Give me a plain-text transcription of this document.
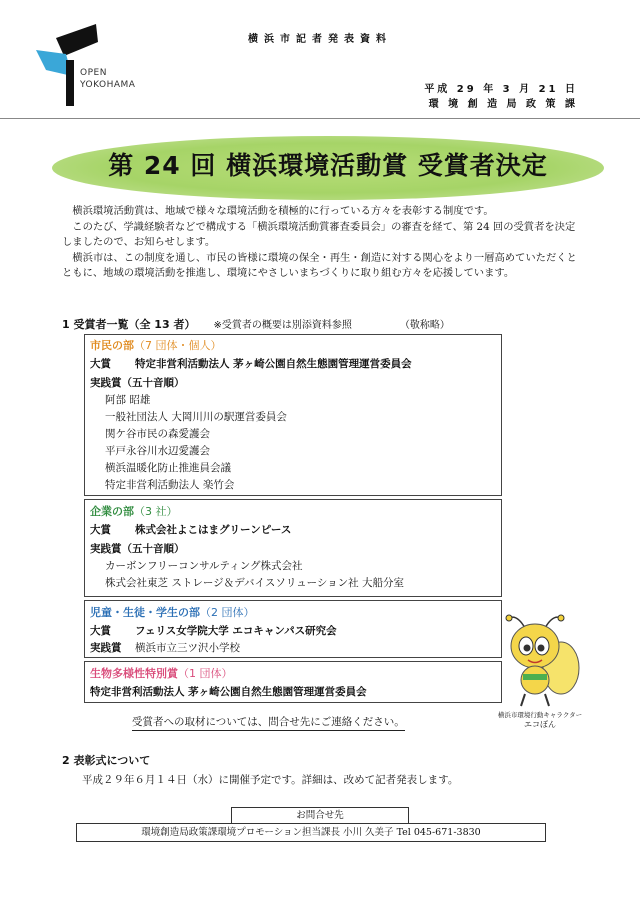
OPEN
YOKOHAMA
横浜市記者発表資料
平成 29 年 3 月 21 日
環 境 創 造 局 政 策 課
第 24 回 横浜環境活動賞 受賞者決定

横浜環境活動賞は、地域で様々な環境活動を積極的に行っている方々を表彰する制度です。

このたび、学識経験者などで構成する「横浜環境活動賞審査委員会」の審査を経て、第 24 回の受賞者を決定しましたので、お知らせします。

横浜市は、この制度を通し、市民の皆様に環境の保全・再生・創造に対する関心をより一層高めていただくとともに、地域の環境活動を推進し、環境にやさしいまちづくりに取り組む方々を応援しています。

1 受賞者一覧（全 13 者） ※受賞者の概要は別添資料参照	（敬称略）
市民の部（7 団体・個人）
大賞 特定非営利活動法人 茅ヶ崎公園自然生態園管理運営委員会
実践賞（五十音順）
阿部 昭雄
一般社団法人 大岡川川の駅運営委員会
関ケ谷市民の森愛護会
平戸永谷川水辺愛護会
横浜温暖化防止推進員会議
特定非営利活動法人 楽竹会
企業の部（3 社）
大賞 株式会社よこはまグリーンピース
実践賞（五十音順）
カーボンフリーコンサルティング株式会社
株式会社東芝 ストレージ＆デバイスソリューション社 大船分室
児童・生徒・学生の部（2 団体）
大賞 フェリス女学院大学 エコキャンパス研究会
実践賞 横浜市立三ツ沢小学校
生物多様性特別賞（1 団体）
特定非営利活動法人 茅ヶ崎公園自然生態園管理運営委員会
受賞者への取材については、問合せ先にご連絡ください。
横浜市環境行動キャラクター
エコぼん
2 表彰式について
平成２９年６月１４日（水）に開催予定です。詳細は、改めて記者発表します。
お問合せ先
環境創造局政策課環境プロモーション担当課長 小川 久美子 Tel 045-671-3830
